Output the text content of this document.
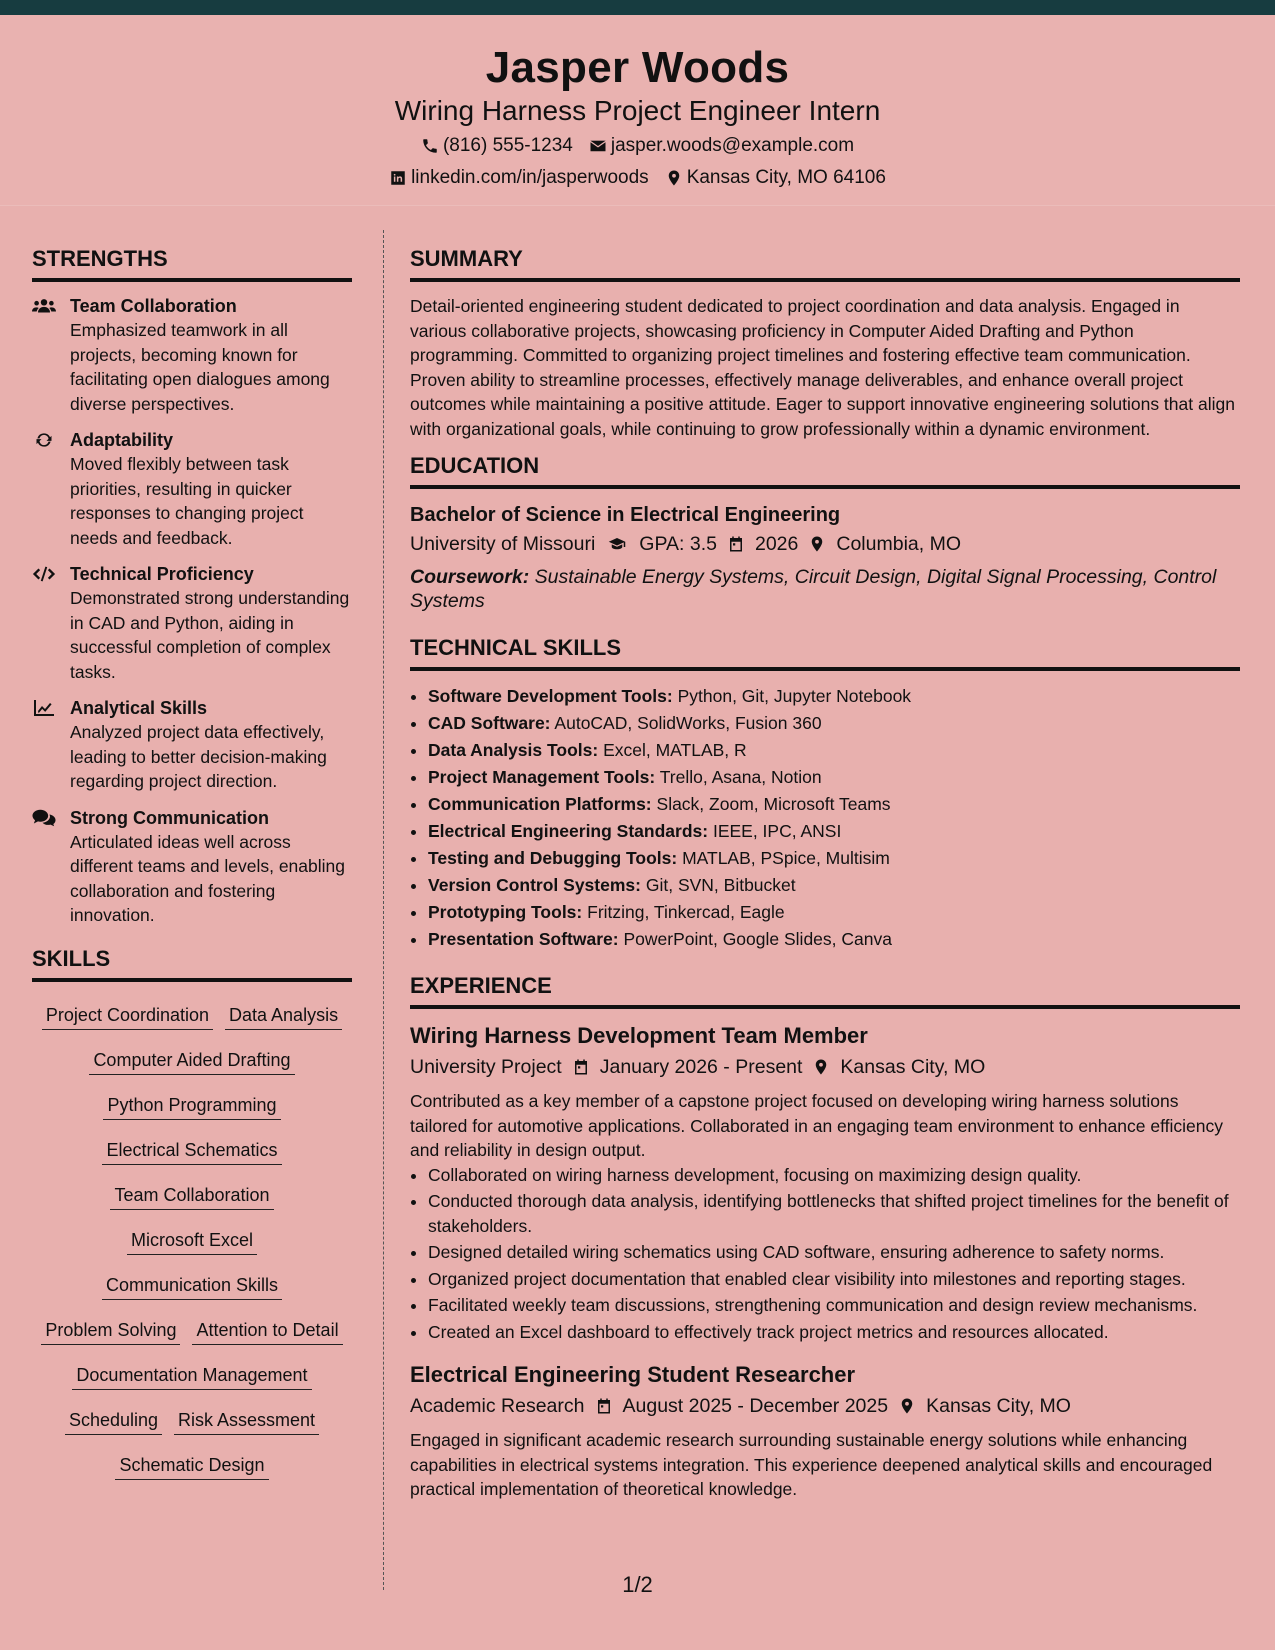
Jasper Woods
Wiring Harness Project Engineer Intern
(816) 555-1234 jasper.woods@example.com
linkedin.com/in/jasperwoods Kansas City, MO 64106
STRENGTHS
Team Collaboration
Emphasized teamwork in all projects, becoming known for facilitating open dialogues among diverse perspectives.
Adaptability
Moved flexibly between task priorities, resulting in quicker responses to changing project needs and feedback.
Technical Proficiency
Demonstrated strong understanding in CAD and Python, aiding in successful completion of complex tasks.
Analytical Skills
Analyzed project data effectively, leading to better decision-making regarding project direction.
Strong Communication
Articulated ideas well across different teams and levels, enabling collaboration and fostering innovation.
SKILLS
Project Coordination Data Analysis
Computer Aided Drafting
Python Programming
Electrical Schematics
Team Collaboration
Microsoft Excel
Communication Skills
Problem Solving Attention to Detail
Documentation Management
Scheduling Risk Assessment
Schematic Design
SUMMARY

Detail-oriented engineering student dedicated to project coordination and data analysis. Engaged in various collaborative projects, showcasing proficiency in Computer Aided Drafting and Python programming. Committed to organizing project timelines and fostering effective team communication. Proven ability to streamline processes, effectively manage deliverables, and enhance overall project outcomes while maintaining a positive attitude. Eager to support innovative engineering solutions that align with organizational goals, while continuing to grow professionally within a dynamic environment.

EDUCATION
Bachelor of Science in Electrical Engineering
University of Missouri GPA: 3.5 2026 Columbia, MO
Coursework: Sustainable Energy Systems, Circuit Design, Digital Signal Processing, Control Systems
TECHNICAL SKILLS
• Software Development Tools: Python, Git, Jupyter Notebook
• CAD Software: AutoCAD, SolidWorks, Fusion 360
• Data Analysis Tools: Excel, MATLAB, R
• Project Management Tools: Trello, Asana, Notion
• Communication Platforms: Slack, Zoom, Microsoft Teams
• Electrical Engineering Standards: IEEE, IPC, ANSI
• Testing and Debugging Tools: MATLAB, PSpice, Multisim
• Version Control Systems: Git, SVN, Bitbucket
• Prototyping Tools: Fritzing, Tinkercad, Eagle
• Presentation Software: PowerPoint, Google Slides, Canva
EXPERIENCE
Wiring Harness Development Team Member
University Project January 2026 - Present Kansas City, MO

Contributed as a key member of a capstone project focused on developing wiring harness solutions tailored for automotive applications. Collaborated in an engaging team environment to enhance efficiency and reliability in design output.

• Collaborated on wiring harness development, focusing on maximizing design quality.
• Conducted thorough data analysis, identifying bottlenecks that shifted project timelines for the benefit of stakeholders.
• Designed detailed wiring schematics using CAD software, ensuring adherence to safety norms.
• Organized project documentation that enabled clear visibility into milestones and reporting stages.
• Facilitated weekly team discussions, strengthening communication and design review mechanisms.
• Created an Excel dashboard to effectively track project metrics and resources allocated.
Electrical Engineering Student Researcher
Academic Research August 2025 - December 2025 Kansas City, MO

Engaged in significant academic research surrounding sustainable energy solutions while enhancing capabilities in electrical systems integration. This experience deepened analytical skills and encouraged practical implementation of theoretical knowledge.

1/2
